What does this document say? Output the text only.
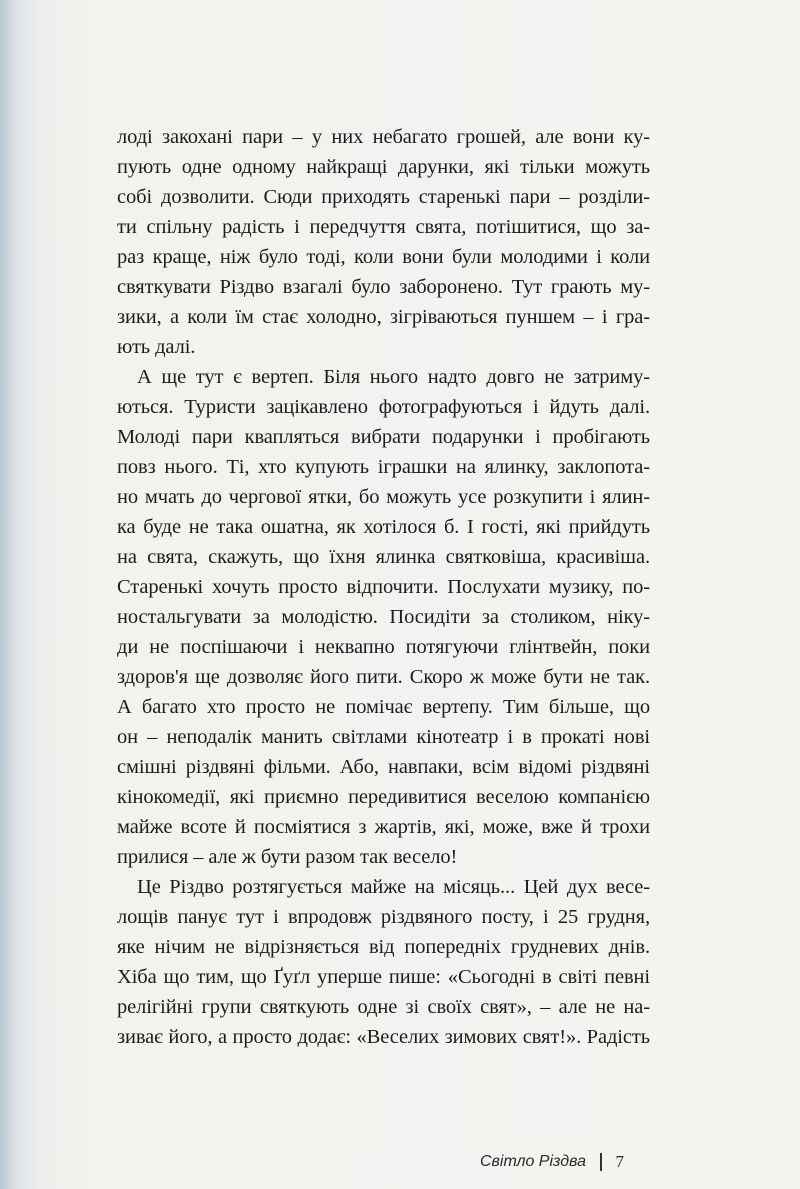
лоді закохані пари – у них небагато грошей, але вони ку-
пують одне одному найкращі дарунки, які тільки можуть
собі дозволити. Сюди приходять старенькі пари – розділи-
ти спільну радість і передчуття свята, потішитися, що за-
раз краще, ніж було тоді, коли вони були молодими і коли
святкувати Різдво взагалі було заборонено. Тут грають му-
зики, а коли їм стає холодно, зігріваються пуншем – і гра-
ють далі.
А ще тут є вертеп. Біля нього надто довго не затриму-
ються. Туристи зацікавлено фотографуються і йдуть далі.
Молоді пари квапляться вибрати подарунки і пробігають
повз нього. Ті, хто купують іграшки на ялинку, заклопота-
но мчать до чергової ятки, бо можуть усе розкупити і ялин-
ка буде не така ошатна, як хотілося б. І гості, які прийдуть
на свята, скажуть, що їхня ялинка святковіша, красивіша.
Старенькі хочуть просто відпочити. Послухати музику, по-
ностальгувати за молодістю. Посидіти за столиком, ніку-
ди не поспішаючи і неквапно потягуючи глінтвейн, поки
здоров'я ще дозволяє його пити. Скоро ж може бути не так.
А багато хто просто не помічає вертепу. Тим більше, що
он – неподалік манить світлами кінотеатр і в прокаті нові
смішні різдвяні фільми. Або, навпаки, всім відомі різдвяні
кінокомедії, які приємно передивитися веселою компанією
майже всоте й посміятися з жартів, які, може, вже й трохи
прилися – але ж бути разом так весело!
Це Різдво розтягується майже на місяць... Цей дух весе-
лощів панує тут і впродовж різдвяного посту, і 25 грудня,
яке нічим не відрізняється від попередніх грудневих днів.
Хіба що тим, що Ґуґл уперше пише: «Сьогодні в світі певні
релігійні групи святкують одне зі своїх свят», – але не на-
зиває його, а просто додає: «Веселих зимових свят!». Радість
Світло Різдва 7
